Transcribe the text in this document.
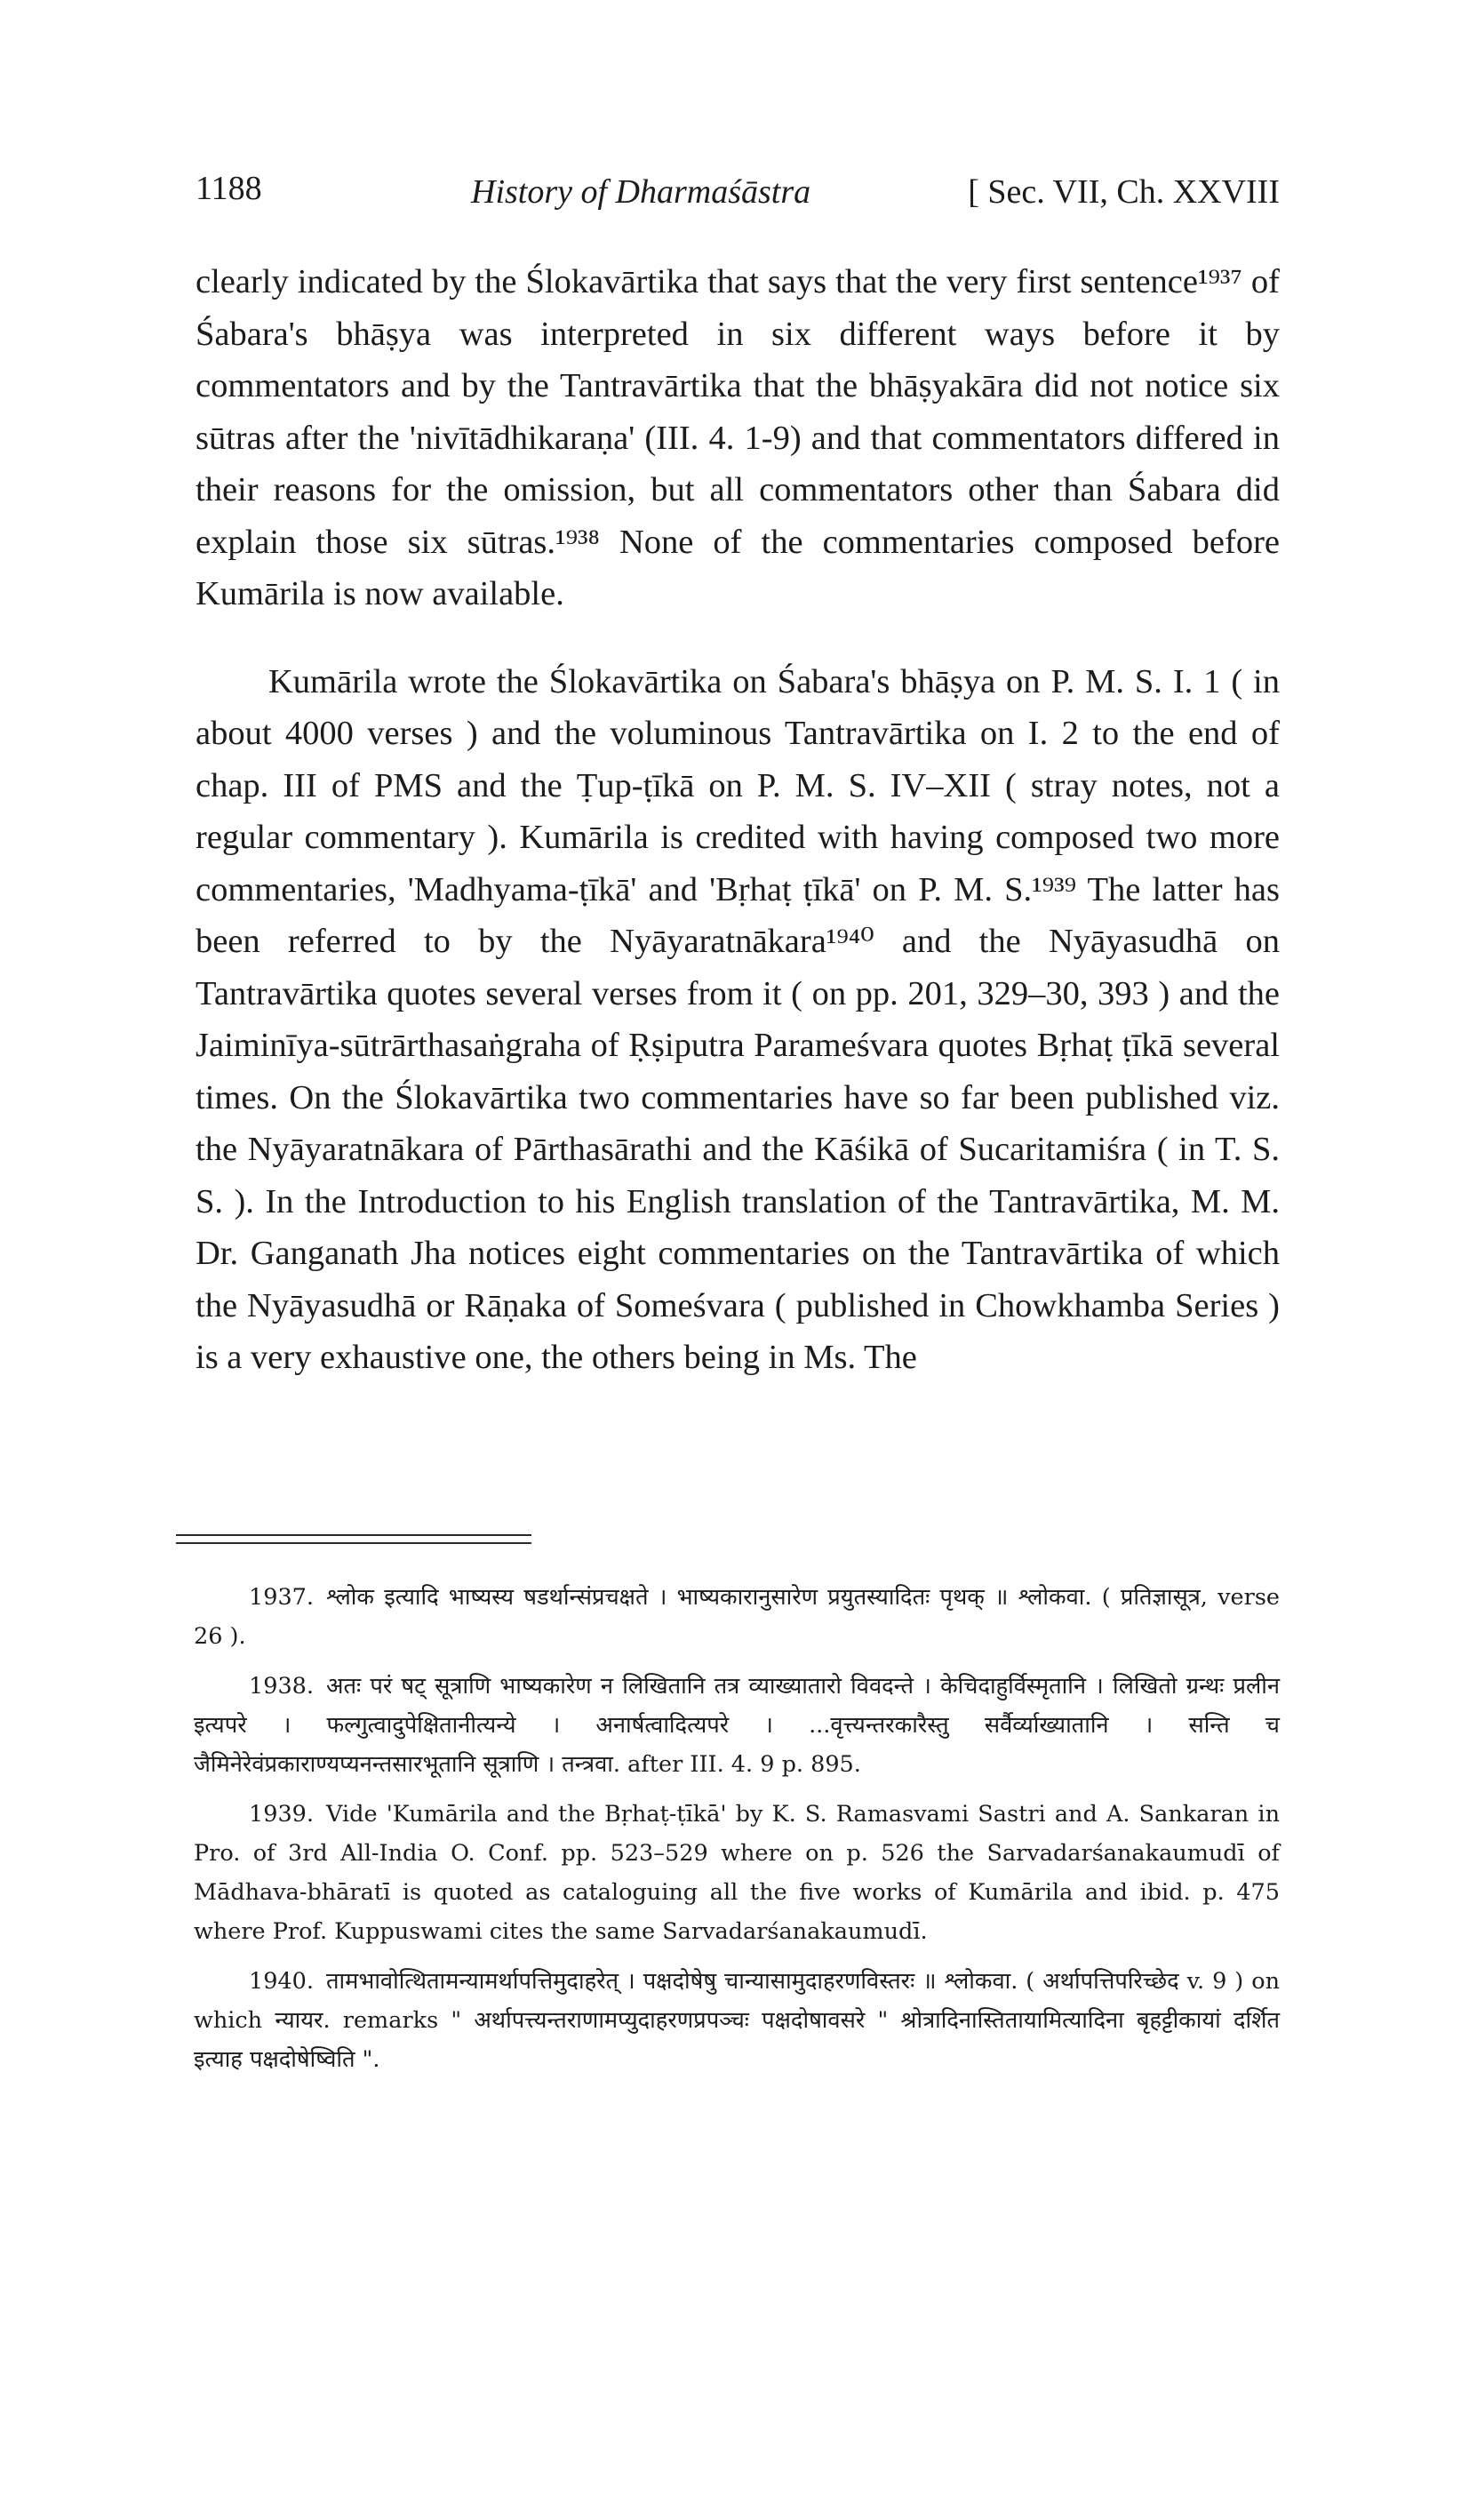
1188	History of Dharmaśāstra	[ Sec. VII, Ch. XXVIII

clearly indicated by the Ślokavārtika that says that the very first sentence¹⁹³⁷ of Śabara's bhāṣya was interpreted in six different ways before it by commentators and by the Tantravārtika that the bhāṣyakāra did not notice six sūtras after the 'nivītādhikaraṇa' (III. 4. 1-9) and that commentators differed in their reasons for the omission, but all commentators other than Śabara did explain those six sūtras.¹⁹³⁸ None of the commentaries composed before Kumārila is now available.

Kumārila wrote the Ślokavārtika on Śabara's bhāṣya on P. M. S. I. 1 ( in about 4000 verses ) and the voluminous Tantravārtika on I. 2 to the end of chap. III of PMS and the Ṭup-ṭīkā on P. M. S. IV–XII ( stray notes, not a regular commentary ). Kumārila is credited with having composed two more commentaries, 'Madhyama-ṭīkā' and 'Bṛhaṭ ṭīkā' on P. M. S.¹⁹³⁹ The latter has been referred to by the Nyāyaratnākara¹⁹⁴⁰ and the Nyāyasudhā on Tantravārtika quotes several verses from it ( on pp. 201, 329–30, 393 ) and the Jaiminīya-sūtrārthasaṅgraha of Ṛṣiputra Parameśvara quotes Bṛhaṭ ṭīkā several times. On the Ślokavārtika two commentaries have so far been published viz. the Nyāyaratnākara of Pārthasārathi and the Kāśikā of Sucaritamiśra ( in T. S. S. ). In the Introduction to his English translation of the Tantravārtika, M. M. Dr. Ganganath Jha notices eight commentaries on the Tantravārtika of which the Nyāyasudhā or Rāṇaka of Someśvara ( published in Chowkhamba Series ) is a very exhaustive one, the others being in Ms. The

1937. श्लोक इत्यादि भाष्यस्य षडर्थान्संप्रचक्षते । भाष्यकारानुसारेण प्रयुतस्यादितः पृथक् ॥ श्लोकवा. ( प्रतिज्ञासूत्र, verse 26 ).

1938. अतः परं षट् सूत्राणि भाष्यकारेण न लिखितानि तत्र व्याख्यातारो विवदन्ते । केचिदाहुर्विस्मृतानि । लिखितो ग्रन्थः प्रलीन इत्यपरे । फल्गुत्वादुपेक्षितानीत्यन्ये । अनार्षत्वादित्यपरे । ...वृत्त्यन्तरकारैस्तु सर्वैर्व्याख्यातानि । सन्ति च जैमिनेरेवंप्रकाराण्यप्यनन्तसारभूतानि सूत्राणि । तन्त्रवा. after III. 4. 9 p. 895.

1939. Vide 'Kumārila and the Bṛhaṭ-ṭīkā' by K. S. Ramasvami Sastri and A. Sankaran in Pro. of 3rd All-India O. Conf. pp. 523–529 where on p. 526 the Sarvadarśanakaumudī of Mādhava-bhāratī is quoted as cataloguing all the five works of Kumārila and ibid. p. 475 where Prof. Kuppuswami cites the same Sarvadarśanakaumudī.

1940. तामभावोत्थितामन्यामर्थापत्तिमुदाहरेत् । पक्षदोषेषु चान्यासामुदाहरणविस्तरः ॥ श्लोकवा. ( अर्थापत्तिपरिच्छेद v. 9 ) on which न्यायर. remarks " अर्थापत्त्यन्तराणामप्युदाहरणप्रपञ्चः पक्षदोषावसरे " श्रोत्रादिनास्तितायामित्यादिना बृहट्टीकायां दर्शित इत्याह पक्षदोषेष्विति ".
